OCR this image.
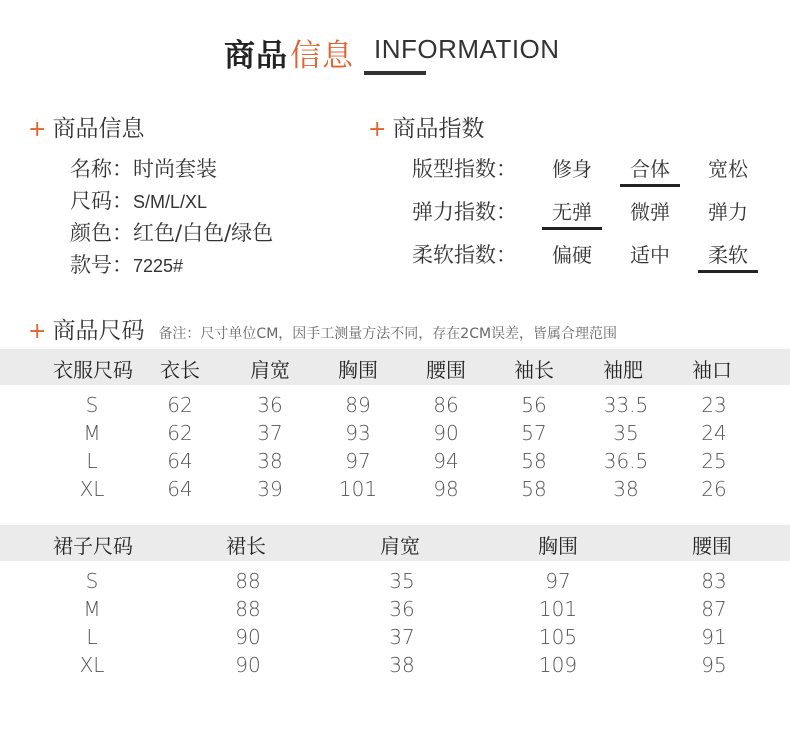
商品 信息 INFORMATION
+ 商品信息
名称：时尚套装
尺码：S/M/L/XL
颜色：红色/白色/绿色
款号：7225#
+ 商品指数
版型指数：	修身	合体	宽松
弹力指数：	无弹	微弹	弹力
柔软指数：	偏硬	适中	柔软
+ 商品尺码 备注：尺寸单位CM，因手工测量方法不同，存在2CM误差，皆属合理范围
衣服尺码	衣长	肩宽	胸围	腰围	袖长	袖肥	袖口
S	62	36	89	86	56	33.5	23
M	62	37	93	90	57	35	24
L	64	38	97	94	58	36.5	25
XL	64	39	101	98	58	38	26
裙子尺码	裙长	肩宽	胸围	腰围
S	88	35	97	83
M	88	36	101	87
L	90	37	105	91
XL	90	38	109	95
